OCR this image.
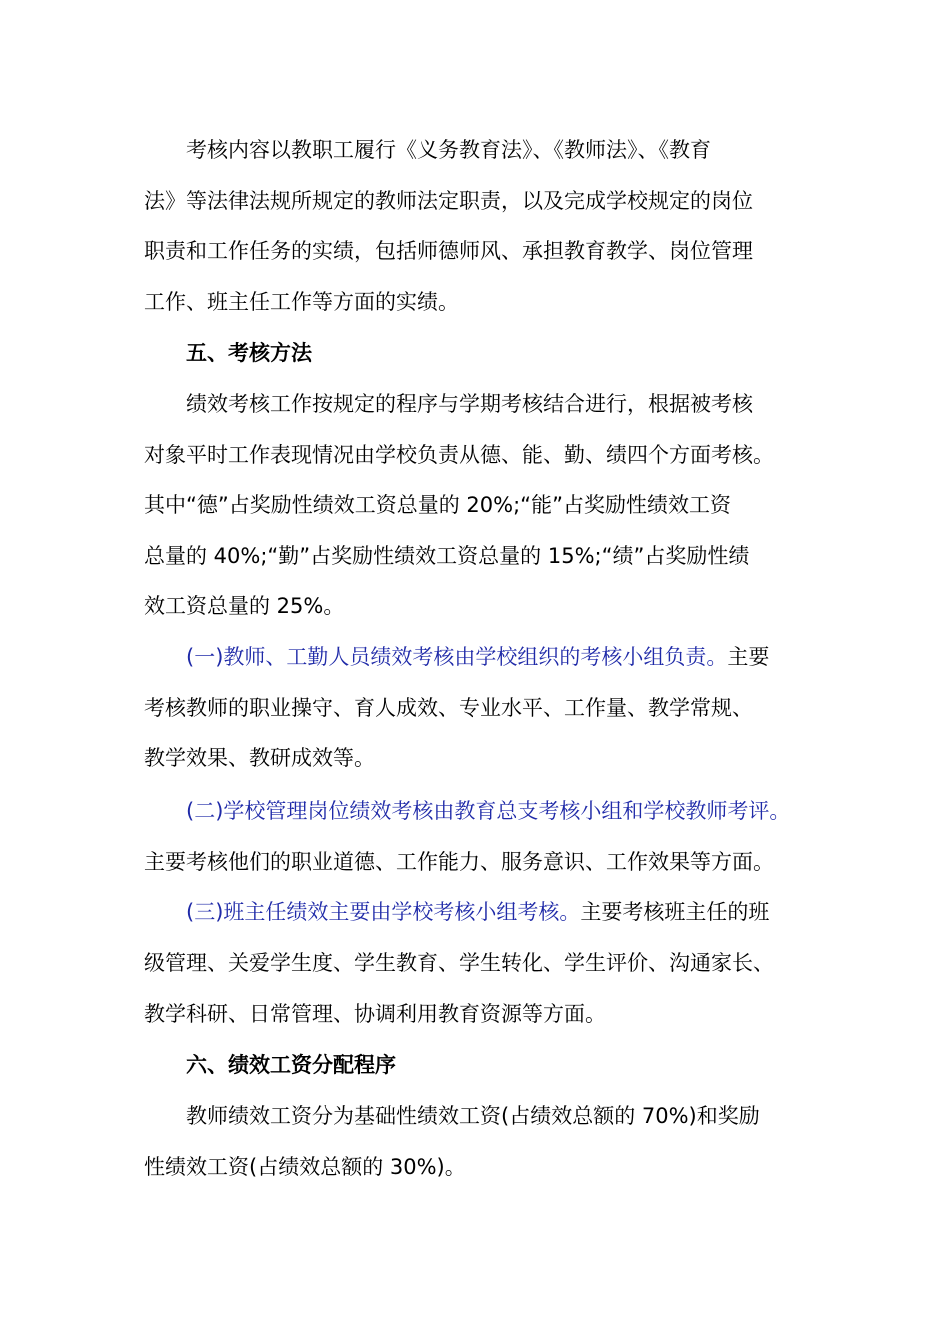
考核内容以教职工履行《义务教育法》、《教师法》、《教育

法》等法律法规所规定的教师法定职责，以及完成学校规定的岗位

职责和工作任务的实绩，包括师德师风、承担教育教学、岗位管理

工作、班主任工作等方面的实绩。

五、考核方法

绩效考核工作按规定的程序与学期考核结合进行，根据被考核

对象平时工作表现情况由学校负责从德、能、勤、绩四个方面考核。

其中“德”占奖励性绩效工资总量的 20%;“能”占奖励性绩效工资

总量的 40%;“勤”占奖励性绩效工资总量的 15%;“绩”占奖励性绩

效工资总量的 25%。

(一)教师、工勤人员绩效考核由学校组织的考核小组负责。主要

考核教师的职业操守、育人成效、专业水平、工作量、教学常规、

教学效果、教研成效等。

(二)学校管理岗位绩效考核由教育总支考核小组和学校教师考评。

主要考核他们的职业道德、工作能力、服务意识、工作效果等方面。

(三)班主任绩效主要由学校考核小组考核。主要考核班主任的班

级管理、关爱学生度、学生教育、学生转化、学生评价、沟通家长、

教学科研、日常管理、协调利用教育资源等方面。

六、绩效工资分配程序

教师绩效工资分为基础性绩效工资(占绩效总额的 70%)和奖励

性绩效工资(占绩效总额的 30%)。
